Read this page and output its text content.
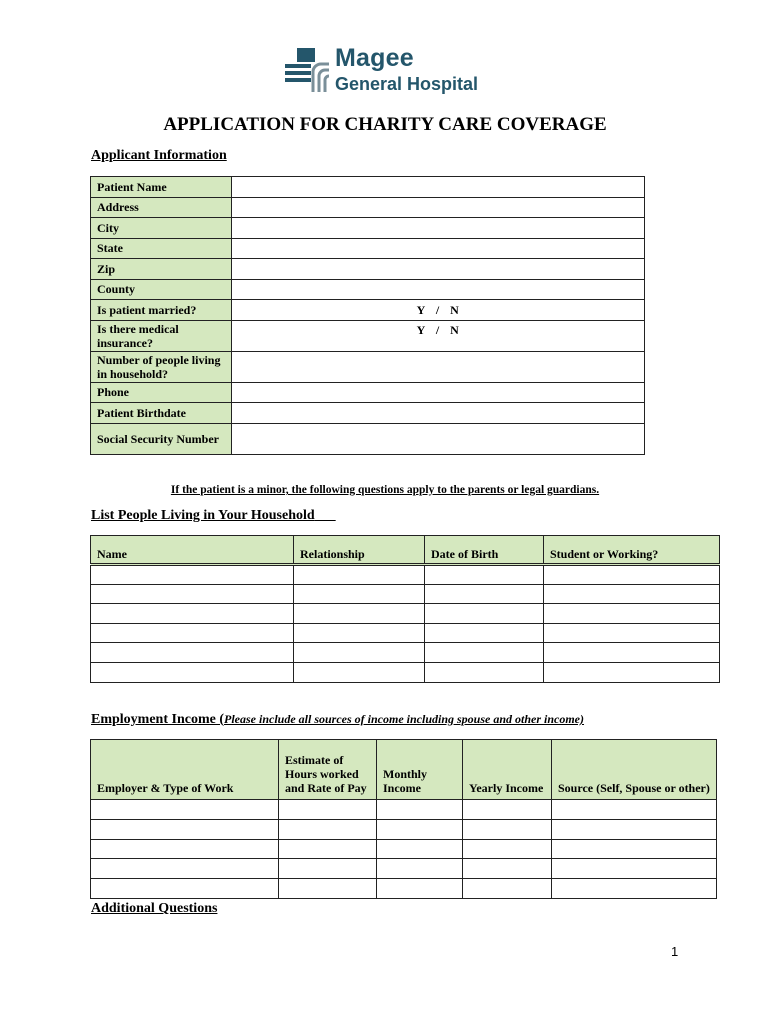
Magee
General Hospital
APPLICATION FOR CHARITY CARE COVERAGE
Applicant Information
Patient Name	
Address	
City	
State	
Zip	
County	
Is patient married?	Y   /   N
Is there medical insurance?	Y   /   N
Number of people living in household?	
Phone	
Patient Birthdate	
Social Security Number	
If the patient is a minor, the following questions apply to the parents or legal guardians.
List People Living in Your Household
Name	Relationship	Date of Birth	Student or Working?

Employment Income (Please include all sources of income including spouse and other income)
Employer & Type of Work	Estimate of Hours worked and Rate of Pay	Monthly Income	Yearly Income	Source (Self, Spouse or other)

Additional Questions
1
